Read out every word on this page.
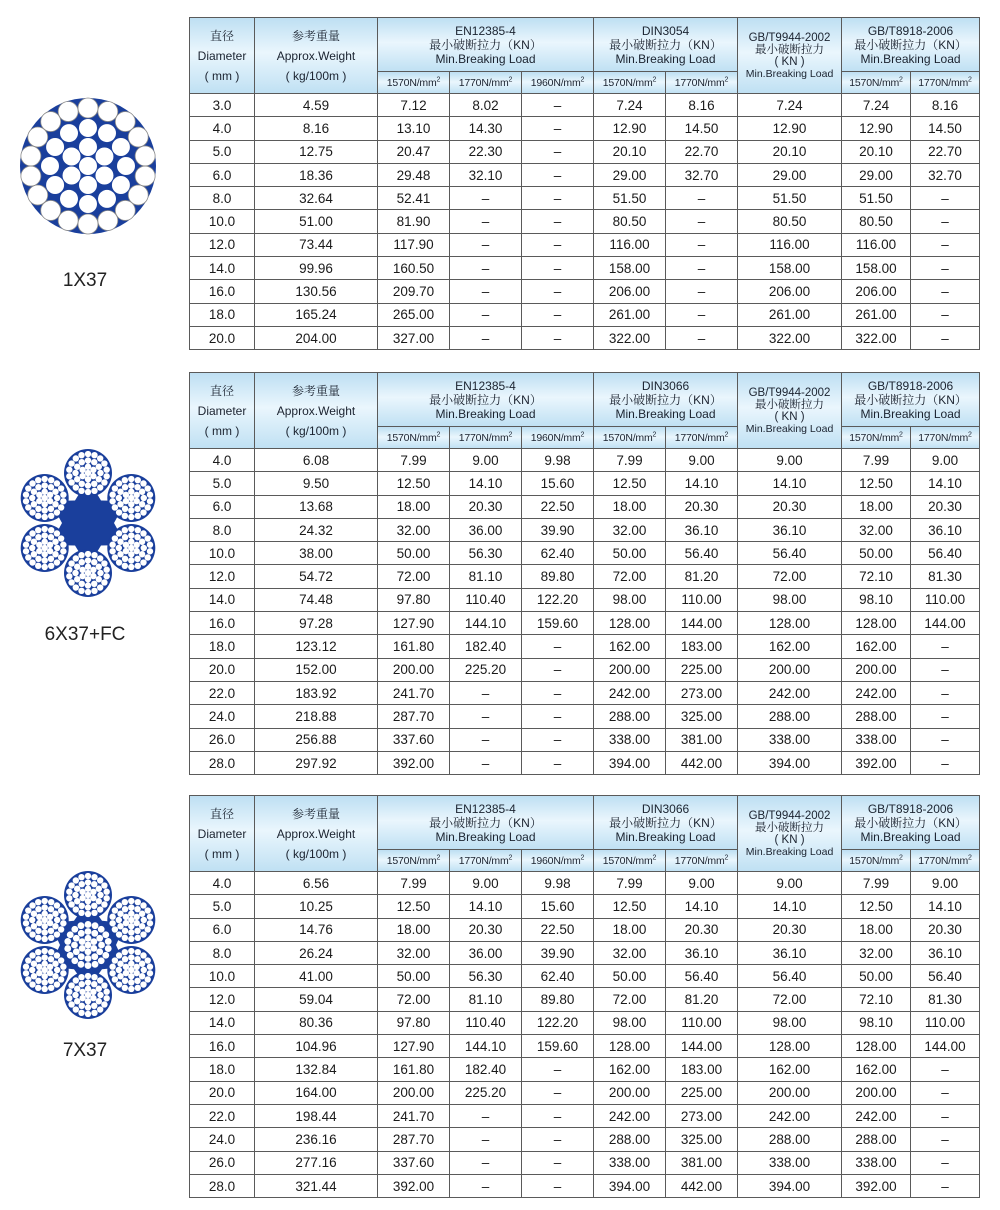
1X37
6X37+FC
7X37
直径
Diameter
( mm )	参考重量
Approx.Weight
( kg/100m )	EN12385-4
最小破断拉力（KN）
Min.Breaking Load			DIN3054
最小破断拉力（KN）
Min.Breaking Load		GB/T9944-2002
最小破断拉力
( KN )
Min.Breaking Load	GB/T8918-2006
最小破断拉力（KN）
Min.Breaking Load	

		$1570N/mm^2$	$1770N/mm^2$	$1960N/mm^2$	$1570N/mm^2$	$1770N/mm^2$		$1570N/mm^2$	$1770N/mm^2$
3.0	4.59	7.12	8.02	–	7.24	8.16	7.24	7.24	8.16
4.0	8.16	13.10	14.30	–	12.90	14.50	12.90	12.90	14.50
5.0	12.75	20.47	22.30	–	20.10	22.70	20.10	20.10	22.70
6.0	18.36	29.48	32.10	–	29.00	32.70	29.00	29.00	32.70
8.0	32.64	52.41	–	–	51.50	–	51.50	51.50	–
10.0	51.00	81.90	–	–	80.50	–	80.50	80.50	–
12.0	73.44	117.90	–	–	116.00	–	116.00	116.00	–
14.0	99.96	160.50	–	–	158.00	–	158.00	158.00	–
16.0	130.56	209.70	–	–	206.00	–	206.00	206.00	–
18.0	165.24	265.00	–	–	261.00	–	261.00	261.00	–
20.0	204.00	327.00	–	–	322.00	–	322.00	322.00	–
直径
Diameter
( mm )	参考重量
Approx.Weight
( kg/100m )	EN12385-4
最小破断拉力（KN）
Min.Breaking Load			DIN3066
最小破断拉力（KN）
Min.Breaking Load		GB/T9944-2002
最小破断拉力
( KN )
Min.Breaking Load	GB/T8918-2006
最小破断拉力（KN）
Min.Breaking Load	

		$1570N/mm^2$	$1770N/mm^2$	$1960N/mm^2$	$1570N/mm^2$	$1770N/mm^2$		$1570N/mm^2$	$1770N/mm^2$
4.0	6.08	7.99	9.00	9.98	7.99	9.00	9.00	7.99	9.00
5.0	9.50	12.50	14.10	15.60	12.50	14.10	14.10	12.50	14.10
6.0	13.68	18.00	20.30	22.50	18.00	20.30	20.30	18.00	20.30
8.0	24.32	32.00	36.00	39.90	32.00	36.10	36.10	32.00	36.10
10.0	38.00	50.00	56.30	62.40	50.00	56.40	56.40	50.00	56.40
12.0	54.72	72.00	81.10	89.80	72.00	81.20	72.00	72.10	81.30
14.0	74.48	97.80	110.40	122.20	98.00	110.00	98.00	98.10	110.00
16.0	97.28	127.90	144.10	159.60	128.00	144.00	128.00	128.00	144.00
18.0	123.12	161.80	182.40	–	162.00	183.00	162.00	162.00	–
20.0	152.00	200.00	225.20	–	200.00	225.00	200.00	200.00	–
22.0	183.92	241.70	–	–	242.00	273.00	242.00	242.00	–
24.0	218.88	287.70	–	–	288.00	325.00	288.00	288.00	–
26.0	256.88	337.60	–	–	338.00	381.00	338.00	338.00	–
28.0	297.92	392.00	–	–	394.00	442.00	394.00	392.00	–
直径
Diameter
( mm )	参考重量
Approx.Weight
( kg/100m )	EN12385-4
最小破断拉力（KN）
Min.Breaking Load			DIN3066
最小破断拉力（KN）
Min.Breaking Load		GB/T9944-2002
最小破断拉力
( KN )
Min.Breaking Load	GB/T8918-2006
最小破断拉力（KN）
Min.Breaking Load	

		$1570N/mm^2$	$1770N/mm^2$	$1960N/mm^2$	$1570N/mm^2$	$1770N/mm^2$		$1570N/mm^2$	$1770N/mm^2$
4.0	6.56	7.99	9.00	9.98	7.99	9.00	9.00	7.99	9.00
5.0	10.25	12.50	14.10	15.60	12.50	14.10	14.10	12.50	14.10
6.0	14.76	18.00	20.30	22.50	18.00	20.30	20.30	18.00	20.30
8.0	26.24	32.00	36.00	39.90	32.00	36.10	36.10	32.00	36.10
10.0	41.00	50.00	56.30	62.40	50.00	56.40	56.40	50.00	56.40
12.0	59.04	72.00	81.10	89.80	72.00	81.20	72.00	72.10	81.30
14.0	80.36	97.80	110.40	122.20	98.00	110.00	98.00	98.10	110.00
16.0	104.96	127.90	144.10	159.60	128.00	144.00	128.00	128.00	144.00
18.0	132.84	161.80	182.40	–	162.00	183.00	162.00	162.00	–
20.0	164.00	200.00	225.20	–	200.00	225.00	200.00	200.00	–
22.0	198.44	241.70	–	–	242.00	273.00	242.00	242.00	–
24.0	236.16	287.70	–	–	288.00	325.00	288.00	288.00	–
26.0	277.16	337.60	–	–	338.00	381.00	338.00	338.00	–
28.0	321.44	392.00	–	–	394.00	442.00	394.00	392.00	–
